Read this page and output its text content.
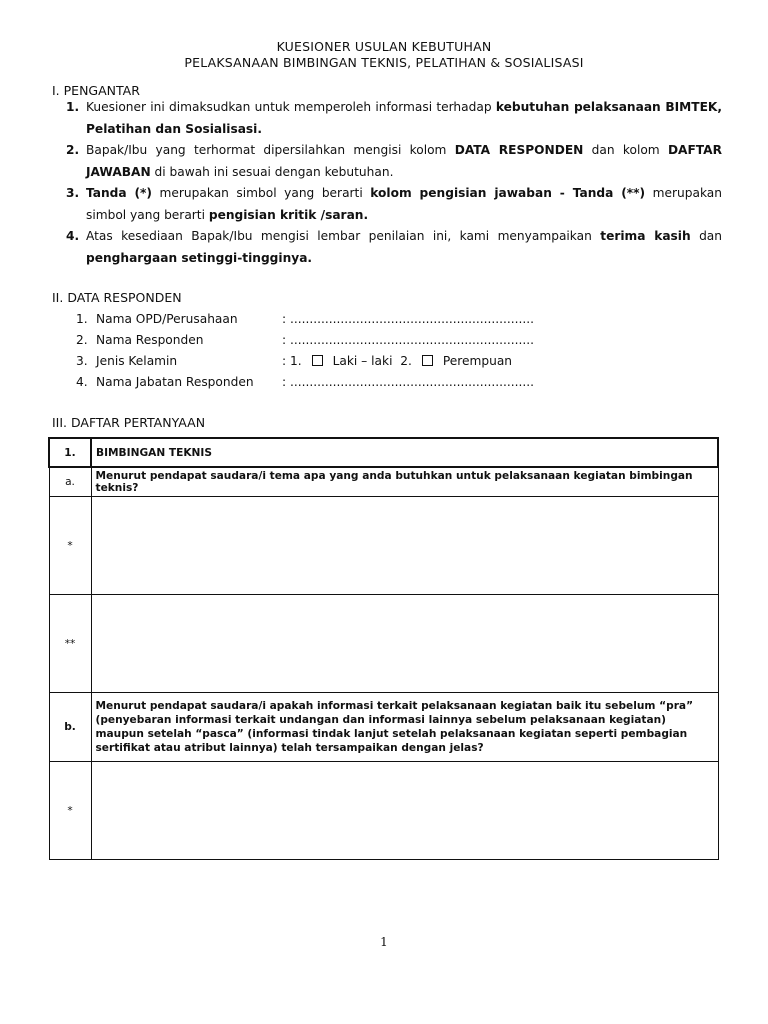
KUESIONER USULAN KEBUTUHAN
PELAKSANAAN BIMBINGAN TEKNIS, PELATIHAN & SOSIALISASI
I. PENGANTAR
1. Kuesioner ini dimaksudkan untuk memperoleh informasi terhadap kebutuhan pelaksanaan BIMTEK, Pelatihan dan Sosialisasi.
2. Bapak/Ibu yang terhormat dipersilahkan mengisi kolom DATA RESPONDEN dan kolom DAFTAR JAWABAN di bawah ini sesuai dengan kebutuhan.
3. Tanda (*) merupakan simbol yang berarti kolom pengisian jawaban - Tanda (**) merupakan simbol yang berarti pengisian kritik /saran.
4. Atas kesediaan Bapak/Ibu mengisi lembar penilaian ini, kami menyampaikan terima kasih dan penghargaan setinggi-tingginya.
II. DATA RESPONDEN
1. Nama OPD/Perusahaan	: ...............................................................
2. Nama Responden	: ...............................................................
3. Jenis Kelamin	: 1.	Laki – laki 2.	Perempuan
4. Nama Jabatan Responden : ...............................................................
III. DAFTAR PERTANYAAN
1.	BIMBINGAN TEKNIS
a.	Menurut pendapat saudara/i tema apa yang anda butuhkan untuk pelaksanaan kegiatan bimbingan teknis?
*	
**	
b.	Menurut pendapat saudara/i apakah informasi terkait pelaksanaan kegiatan baik itu sebelum “pra” (penyebaran informasi terkait undangan dan informasi lainnya sebelum pelaksanaan kegiatan) maupun setelah “pasca” (informasi tindak lanjut setelah pelaksanaan kegiatan seperti pembagian sertifikat atau atribut lainnya) telah tersampaikan dengan jelas?
*	
1
